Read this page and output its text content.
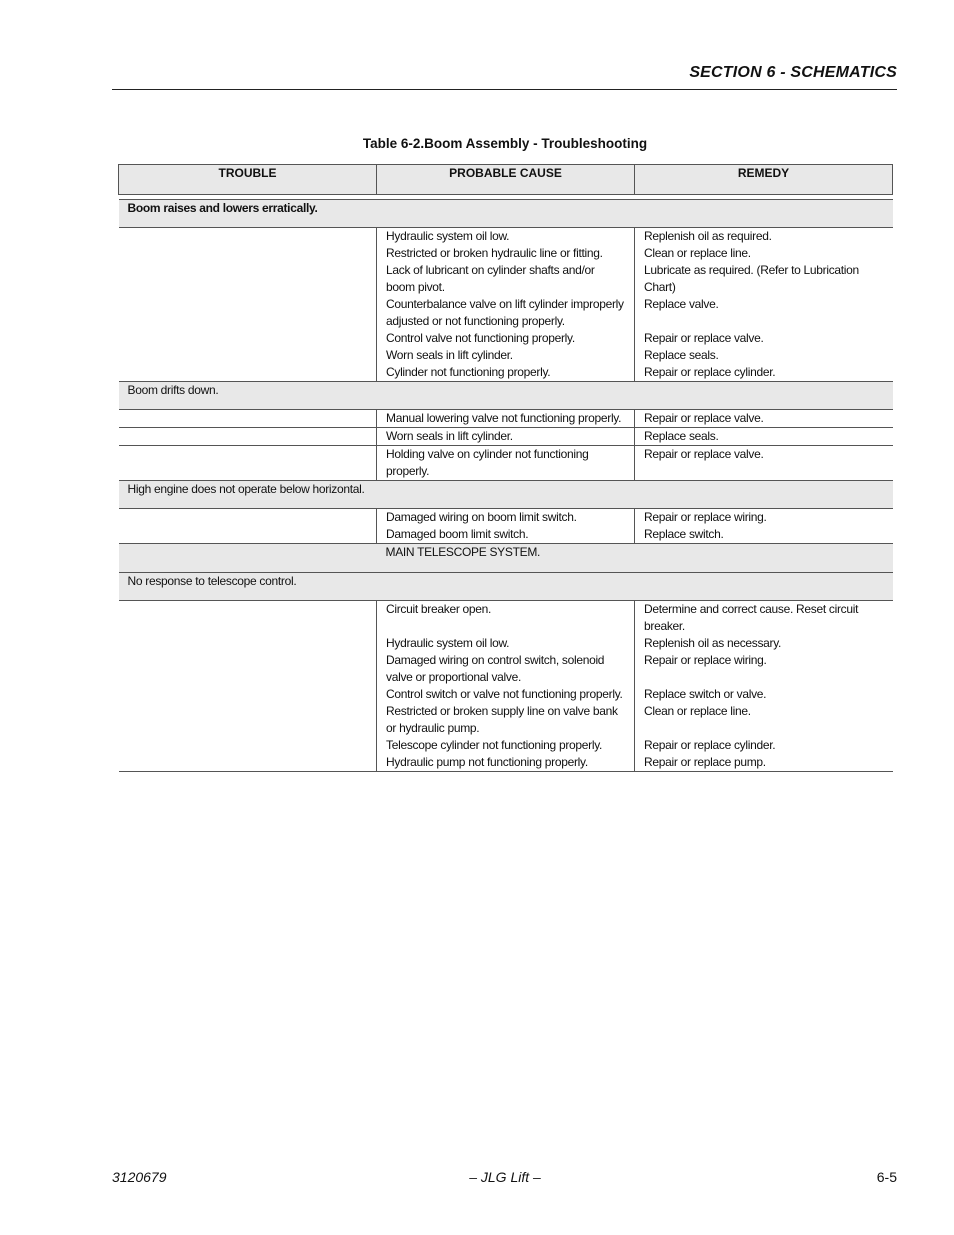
SECTION 6 - SCHEMATICS
Table 6-2.Boom Assembly - Troubleshooting
TROUBLE	PROBABLE CAUSE	REMEDY

Boom raises and lowers erratically.		
	Hydraulic system oil low.	Replenish oil as required.
	Restricted or broken hydraulic line or fitting.	Clean or replace line.
	Lack of lubricant on cylinder shafts and/or boom pivot.	Lubricate as required. (Refer to Lubrication Chart)
	Counterbalance valve on lift cylinder improperly adjusted or not functioning properly.	Replace valve.
	Control valve not functioning properly.	Repair or replace valve.
	Worn seals in lift cylinder.	Replace seals.
	Cylinder not functioning properly.	Repair or replace cylinder.
Boom drifts down.		
	Manual lowering valve not functioning properly.	Repair or replace valve.
	Worn seals in lift cylinder.	Replace seals.
	Holding valve on cylinder not functioning properly.	Repair or replace valve.
High engine does not operate below horizontal.		
	Damaged wiring on boom limit switch.	Repair or replace wiring.
	Damaged boom limit switch.	Replace switch.
	MAIN TELESCOPE SYSTEM.	
No response to telescope control.		
	Circuit breaker open.	Determine and correct cause. Reset circuit breaker.
	Hydraulic system oil low.	Replenish oil as necessary.
	Damaged wiring on control switch, solenoid valve or proportional valve.	Repair or replace wiring.
	Control switch or valve not functioning properly.	Replace switch or valve.
	Restricted or broken supply line on valve bank or hydraulic pump.	Clean or replace line.
	Telescope cylinder not functioning properly.	Repair or replace cylinder.
	Hydraulic pump not functioning properly.	Repair or replace pump.
3120679	– JLG Lift –	6-5
